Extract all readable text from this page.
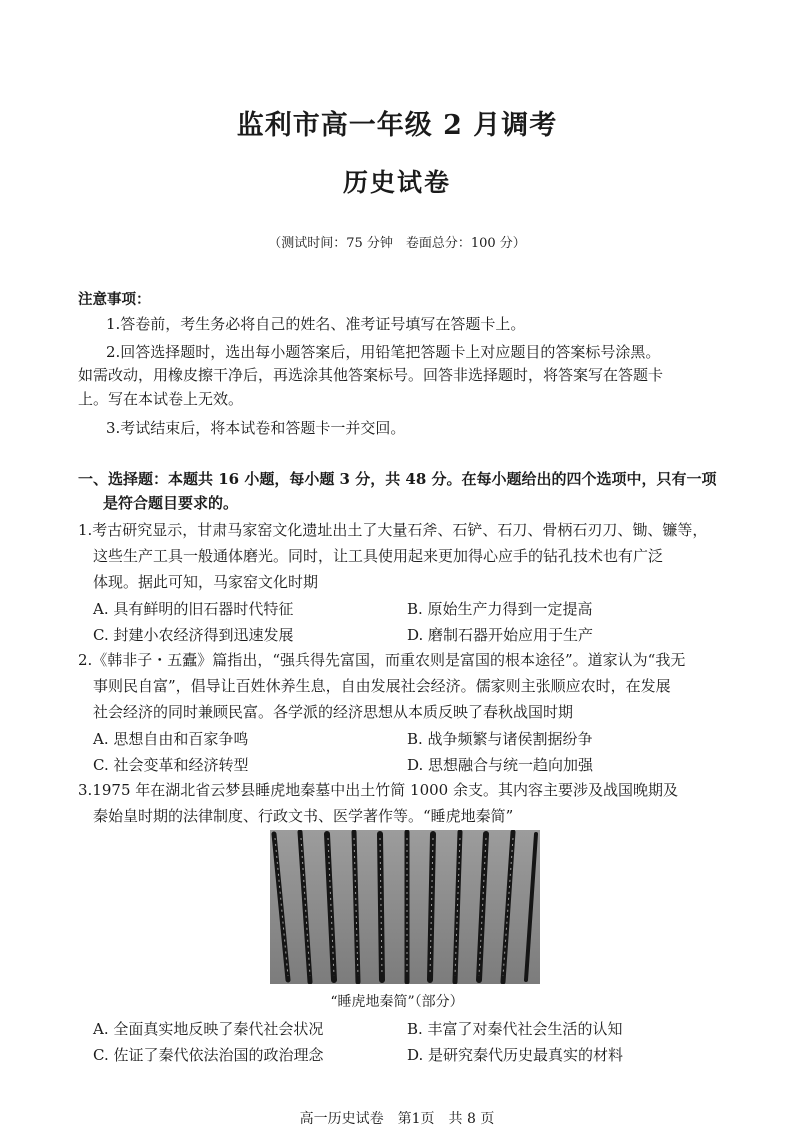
监利市高一年级 2 月调考
历史试卷
（测试时间：75 分钟　卷面总分：100 分）
注意事项：
1.答卷前，考生务必将自己的姓名、准考证号填写在答题卡上。
2.回答选择题时，选出每小题答案后，用铅笔把答题卡上对应题目的答案标号涂黑。
如需改动，用橡皮擦干净后，再选涂其他答案标号。回答非选择题时，将答案写在答题卡
上。写在本试卷上无效。
3.考试结束后，将本试卷和答题卡一并交回。
一、选择题：本题共 16 小题，每小题 3 分，共 48 分。在每小题给出的四个选项中，只有一项
是符合题目要求的。
1.考古研究显示，甘肃马家窑文化遗址出土了大量石斧、石铲、石刀、骨柄石刃刀、锄、镰等，
这些生产工具一般通体磨光。同时，让工具使用起来更加得心应手的钻孔技术也有广泛
体现。据此可知，马家窑文化时期
A. 具有鲜明的旧石器时代特征	B. 原始生产力得到一定提高
C. 封建小农经济得到迅速发展	D. 磨制石器开始应用于生产
2.《韩非子・五蠹》篇指出，“强兵得先富国，而重农则是富国的根本途径”。道家认为“我无
事则民自富”，倡导让百姓休养生息，自由发展社会经济。儒家则主张顺应农时，在发展
社会经济的同时兼顾民富。各学派的经济思想从本质反映了春秋战国时期
A. 思想自由和百家争鸣	B. 战争频繁与诸侯割据纷争
C. 社会变革和经济转型	D. 思想融合与统一趋向加强
3.1975 年在湖北省云梦县睡虎地秦墓中出土竹简 1000 余支。其内容主要涉及战国晚期及
秦始皇时期的法律制度、行政文书、医学著作等。“睡虎地秦简”
“睡虎地秦简”（部分）
A. 全面真实地反映了秦代社会状况	B. 丰富了对秦代社会生活的认知
C. 佐证了秦代依法治国的政治理念	D. 是研究秦代历史最真实的材料
高一历史试卷　第1页　共 8 页
